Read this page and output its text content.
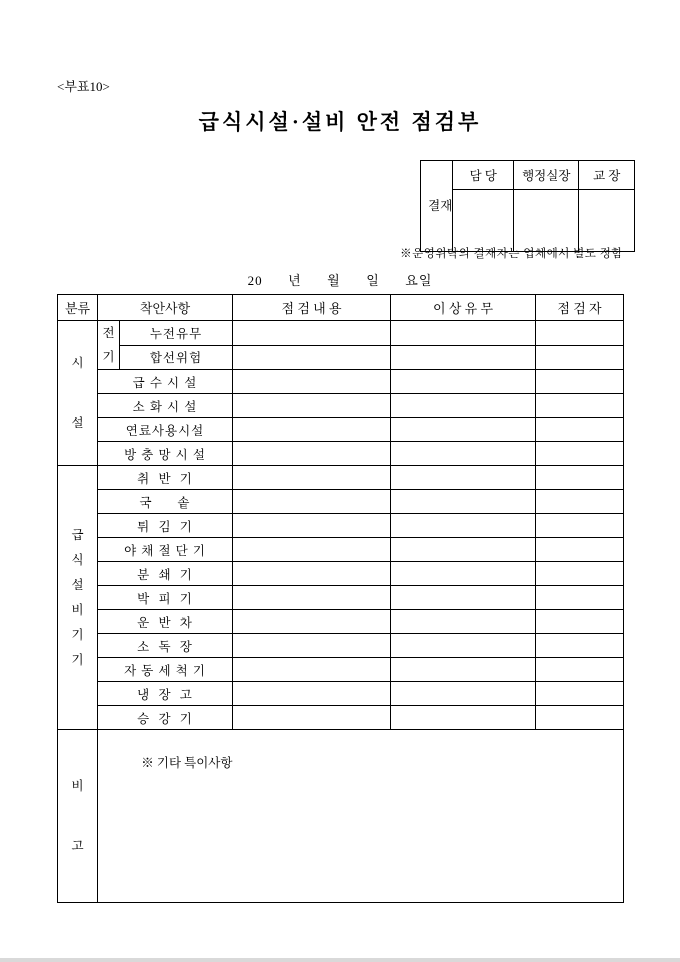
<부표10>
급식시설·설비 안전 점검부

결재	담 당	행정실장	교 장

※운영위탁의 결재자는 업체에서 별도 정함
20      년      월      일      요일
분류	착안사항		점 검 내 용	이 상 유 무	점 검 자

시설	전기	누전유무			
		합선위험			
	급 수 시 설				
	소 화 시 설				
	연료사용시설				
	방 충 망 시 설				

급식설비기기	취  반  기				
	국      솥				
	튀  김  기				
	야 채 절 단 기				
	분  쇄  기				
	박  피  기				
	운  반  차				
	소  독  장				
	자 동 세 척 기				
	냉  장  고				
	승  강  기				

비고	※ 기타 특이사항				
